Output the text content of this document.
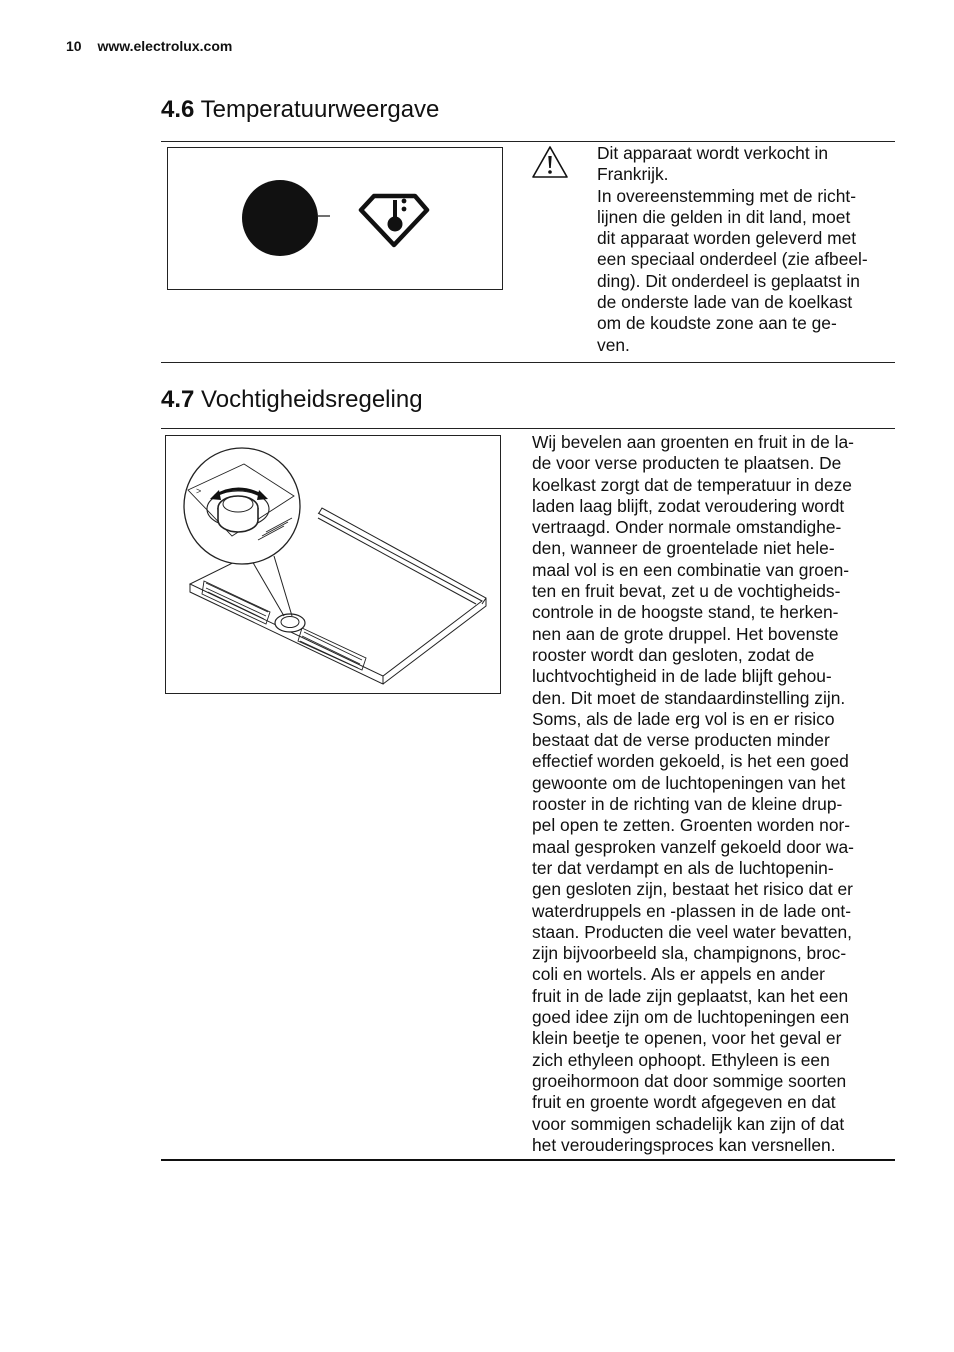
10 www.electrolux.com
4.6 Temperatuurweergave
Dit apparaat wordt verkocht in
Frankrijk.
In overeenstemming met de richt-
lijnen die gelden in dit land, moet
dit apparaat worden geleverd met
een speciaal onderdeel (zie afbeel-
ding). Dit onderdeel is geplaatst in
de onderste lade van de koelkast
om de koudste zone aan te ge-
ven.
4.7 Vochtigheidsregeling
>
Wij bevelen aan groenten en fruit in de la-
de voor verse producten te plaatsen. De
koelkast zorgt dat de temperatuur in deze
laden laag blijft, zodat veroudering wordt
vertraagd. Onder normale omstandighe-
den, wanneer de groentelade niet hele-
maal vol is en een combinatie van groen-
ten en fruit bevat, zet u de vochtigheids-
controle in de hoogste stand, te herken-
nen aan de grote druppel. Het bovenste
rooster wordt dan gesloten, zodat de
luchtvochtigheid in de lade blijft gehou-
den. Dit moet de standaardinstelling zijn.
Soms, als de lade erg vol is en er risico
bestaat dat de verse producten minder
effectief worden gekoeld, is het een goed
gewoonte om de luchtopeningen van het
rooster in de richting van de kleine drup-
pel open te zetten. Groenten worden nor-
maal gesproken vanzelf gekoeld door wa-
ter dat verdampt en als de luchtopenin-
gen gesloten zijn, bestaat het risico dat er
waterdruppels en -plassen in de lade ont-
staan. Producten die veel water bevatten,
zijn bijvoorbeeld sla, champignons, broc-
coli en wortels. Als er appels en ander
fruit in de lade zijn geplaatst, kan het een
goed idee zijn om de luchtopeningen een
klein beetje te openen, voor het geval er
zich ethyleen ophoopt. Ethyleen is een
groeihormoon dat door sommige soorten
fruit en groente wordt afgegeven en dat
voor sommigen schadelijk kan zijn of dat
het verouderingsproces kan versnellen.
